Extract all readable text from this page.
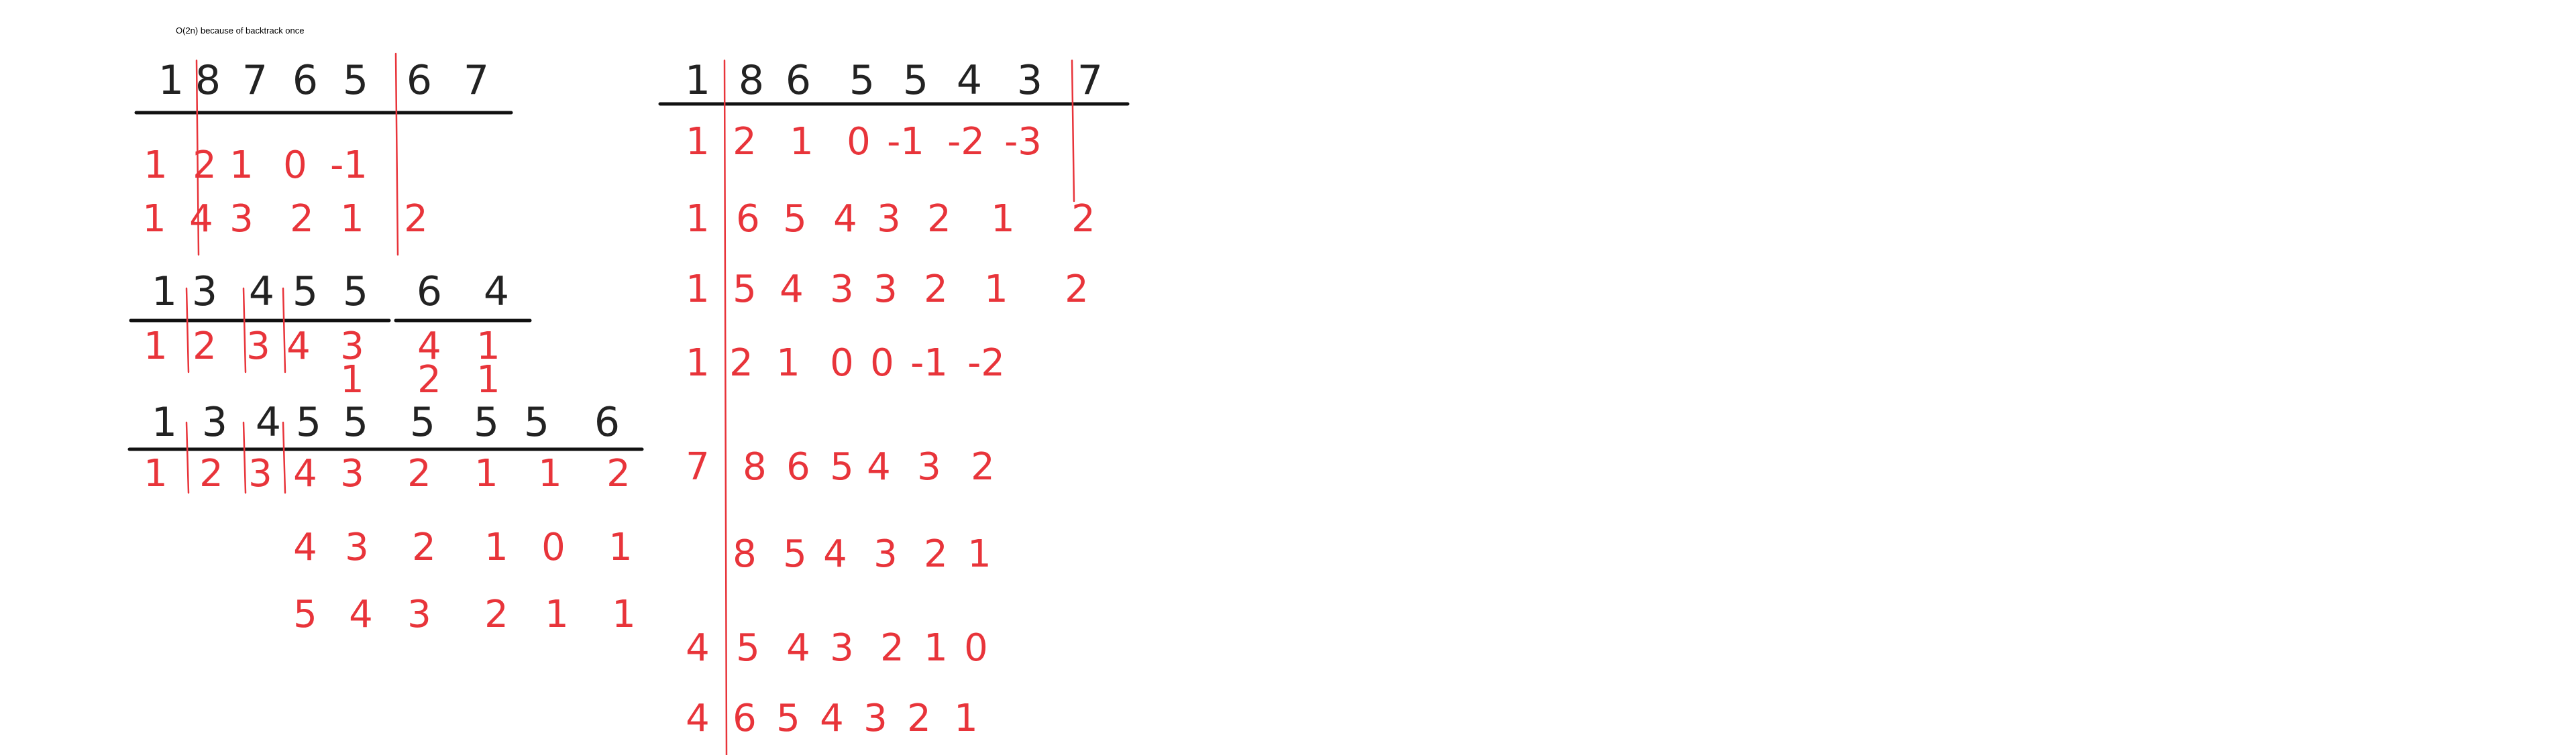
O(2n) because of backtrack once
1 8 7 6 5 6 7
1 2 1 0 -1
1 4 3 2 1 2
1 3 4 5 5 6 4
1 2 3 4 3 4 1
1 2 1
1 3 4 5 5 5 5 5 6
1 2 3 4 3 2 1 1 2
4 3 2 1 0 1
5 4 3 2 1 1
1 8 6 5 5 4 3 7
1 2 1 0 -1 -2 -3
1 6 5 4 3 2 1 2
1 5 4 3 3 2 1 2
1 2 1 0 0 -1 -2
7 8 6 5 4 3 2
8 5 4 3 2 1
4 5 4 3 2 1 0
4 6 5 4 3 2 1
